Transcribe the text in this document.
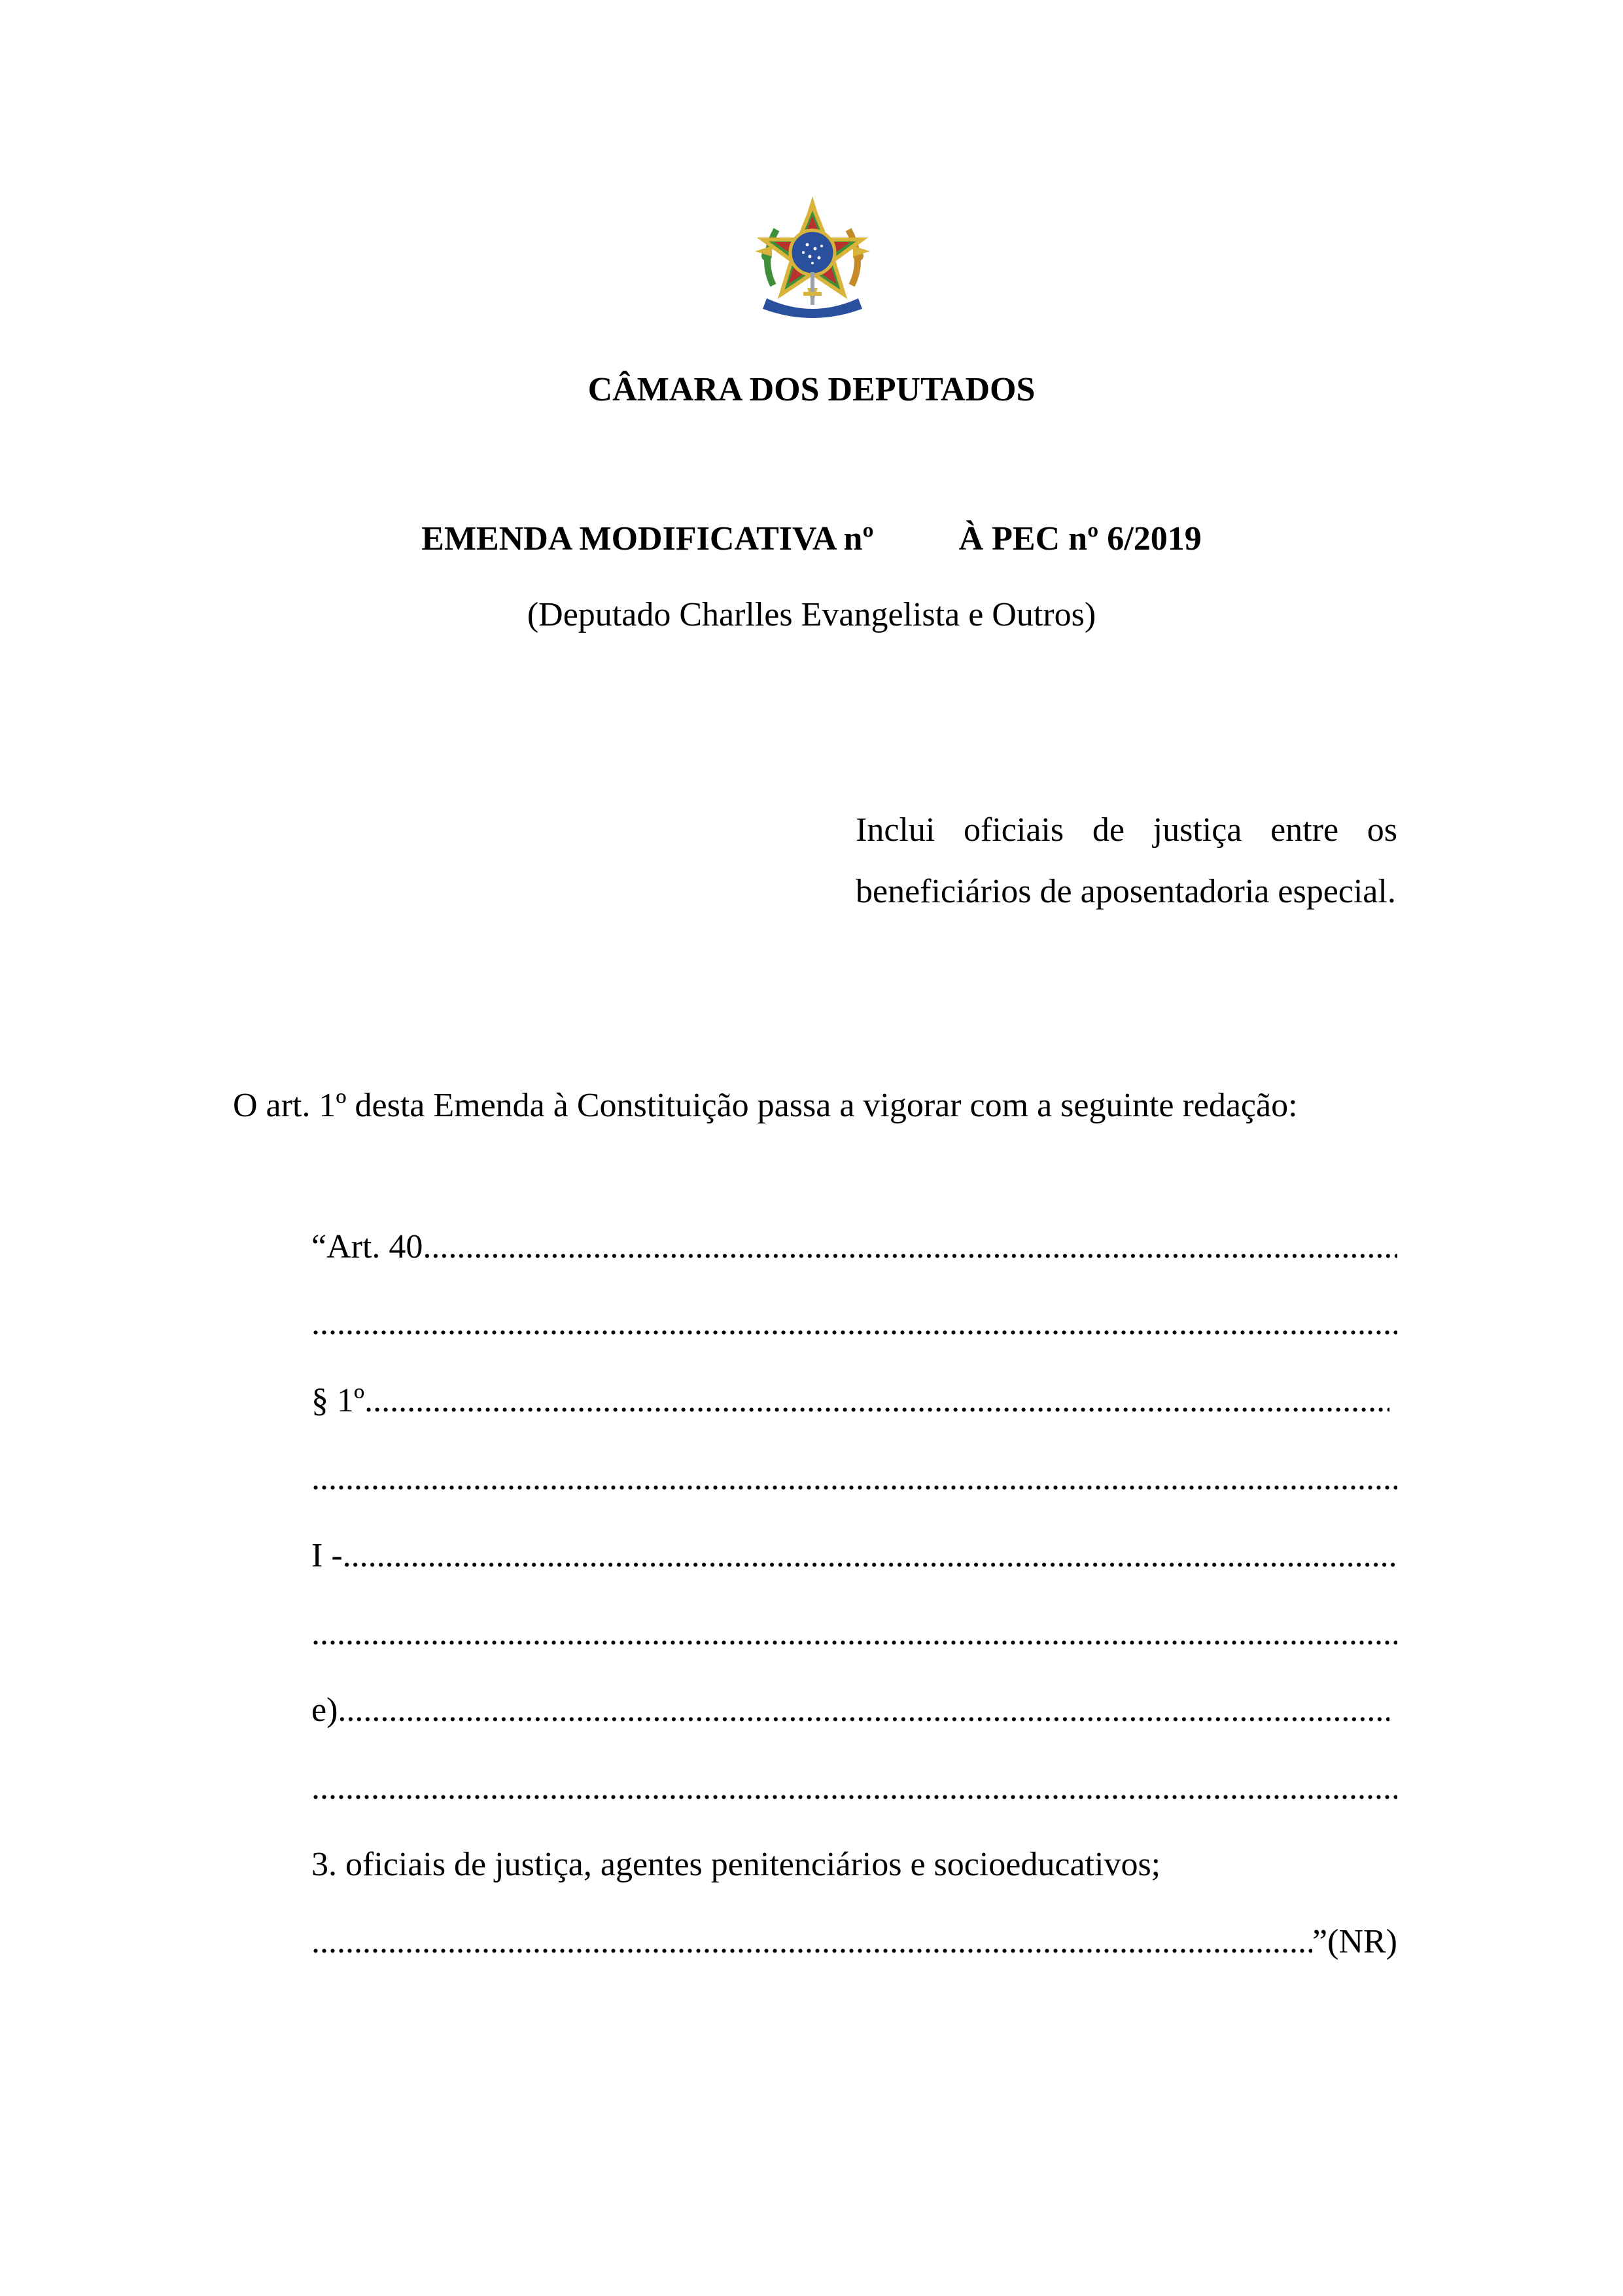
CÂMARA DOS DEPUTADOS
EMENDA MODIFICATIVA nº          À PEC nº 6/2019
(Deputado Charlles Evangelista e Outros)
Inclui oficiais de justiça entre os beneficiários de aposentadoria especial.
O art. 1º desta Emenda à Constituição passa a vigorar com a seguinte redação:
“Art. 40.
.....
.....
§ 1º
.....
.....
I -
.....
.....
e)
.....
.....
3. oficiais de justiça, agentes penitenciários e socioeducativos;
.....
”(NR)
